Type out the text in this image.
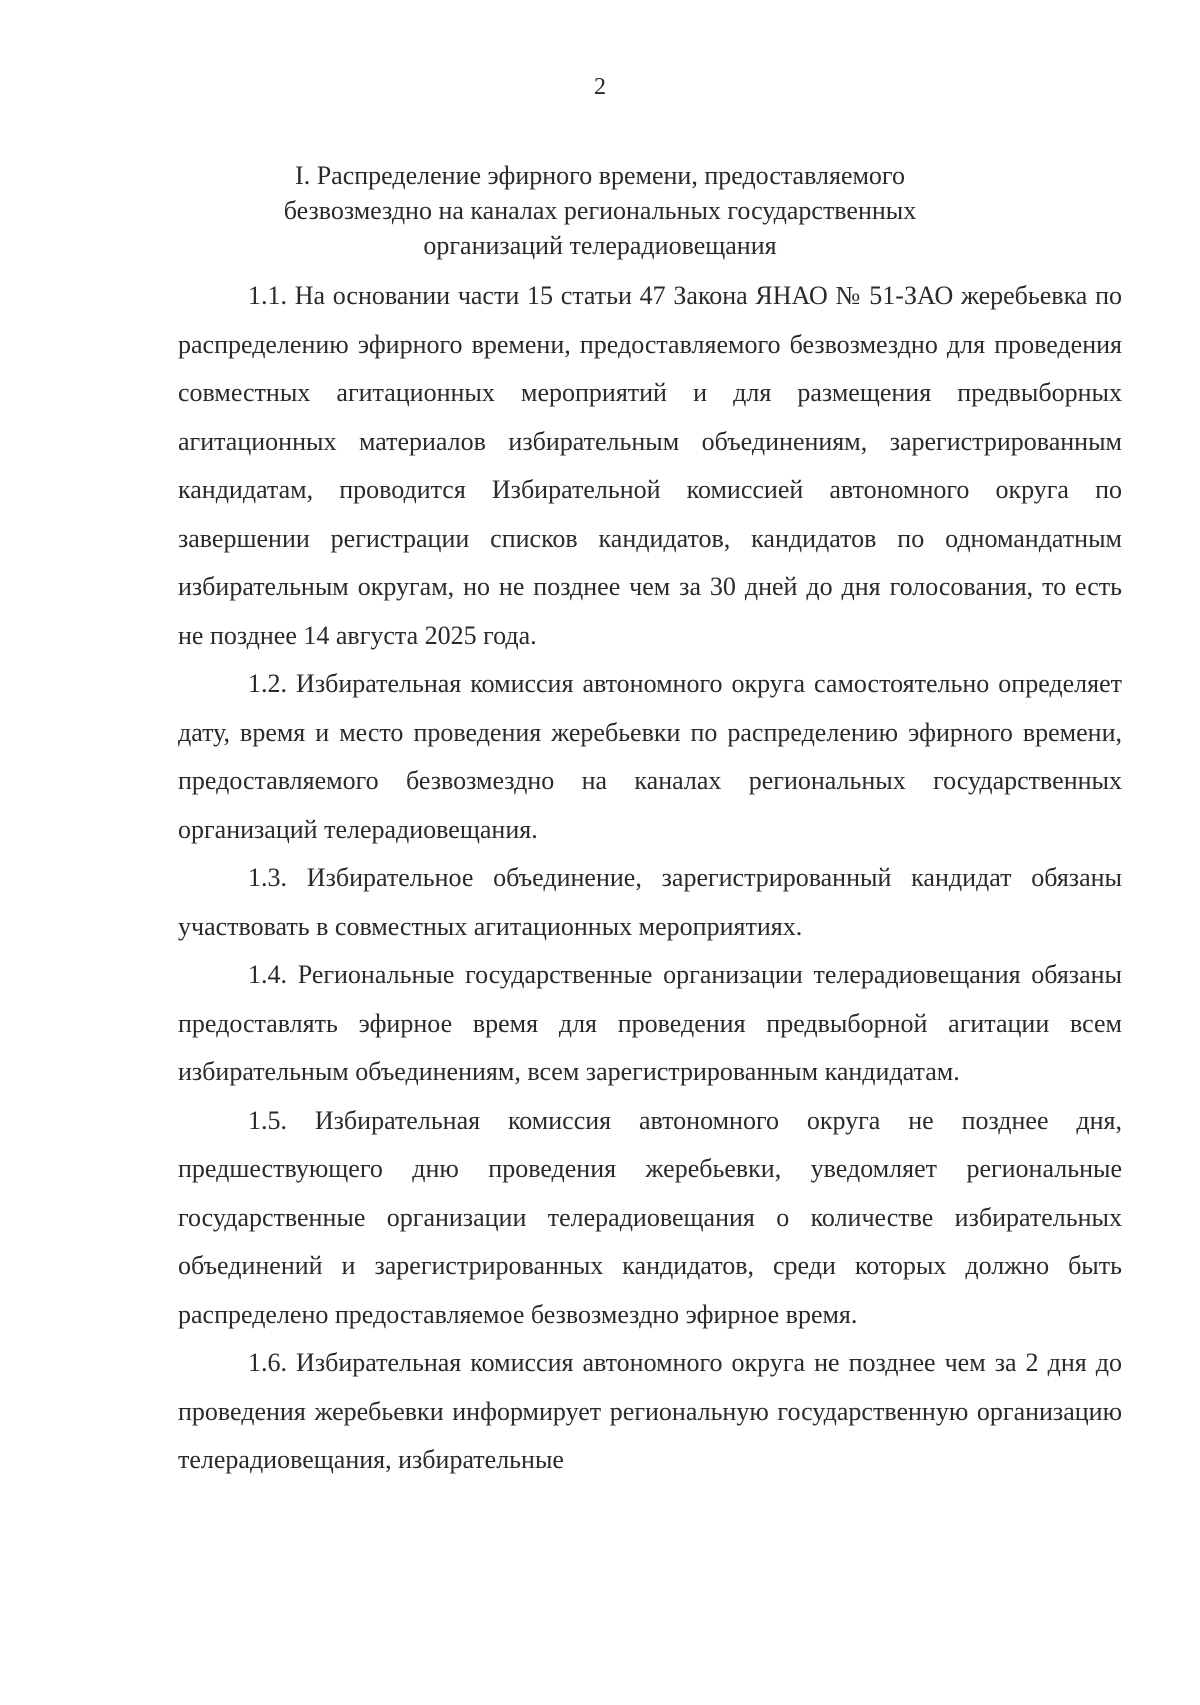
2
I. Распределение эфирного времени, предоставляемого
безвозмездно на каналах региональных государственных
организаций телерадиовещания

1.1. На основании части 15 статьи 47 Закона ЯНАО № 51-ЗАО жеребьевка по распределению эфирного времени, предоставляемого безвозмездно для проведения совместных агитационных мероприятий и для размещения предвыборных агитационных материалов избирательным объединениям, зарегистрированным кандидатам, проводится Избирательной комиссией автономного округа по завершении регистрации списков кандидатов, кандидатов по одномандатным избирательным округам, но не позднее чем за 30 дней до дня голосования, то есть не позднее 14 августа 2025 года.

1.2. Избирательная комиссия автономного округа самостоятельно определяет дату, время и место проведения жеребьевки по распределению эфирного времени, предоставляемого безвозмездно на каналах региональных государственных организаций телерадиовещания.

1.3. Избирательное объединение, зарегистрированный кандидат обязаны участвовать в совместных агитационных мероприятиях.

1.4. Региональные государственные организации телерадиовещания обязаны предоставлять эфирное время для проведения предвыборной агитации всем избирательным объединениям, всем зарегистрированным кандидатам.

1.5. Избирательная комиссия автономного округа не позднее дня, предшествующего дню проведения жеребьевки, уведомляет региональные государственные организации телерадиовещания о количестве избирательных объединений и зарегистрированных кандидатов, среди которых должно быть распределено предоставляемое безвозмездно эфирное время.

1.6. Избирательная комиссия автономного округа не позднее чем за 2 дня до проведения жеребьевки информирует региональную государственную организацию телерадиовещания, избирательные
